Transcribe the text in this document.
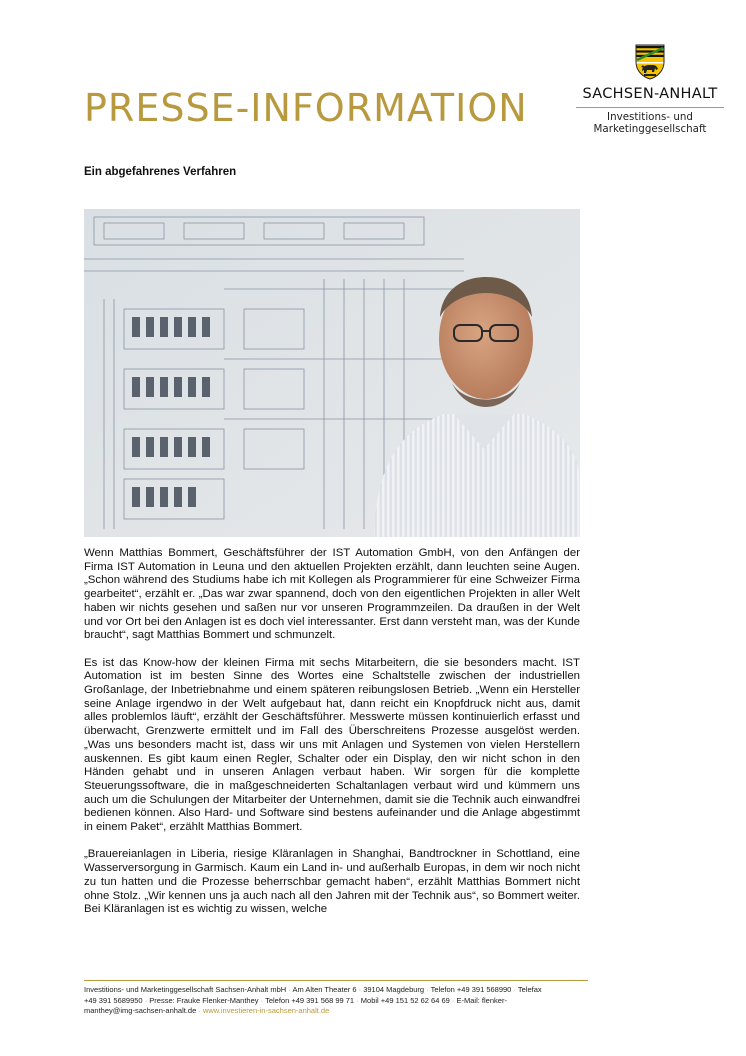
PRESSE-INFORMATION	SACHSEN-ANHALT
Investitions- und
Marketinggesellschaft
Ein abgefahrenes Verfahren

Wenn Matthias Bommert, Geschäftsführer der IST Automation GmbH, von den Anfängen der Firma IST Automation in Leuna und den aktuellen Projekten erzählt, dann leuchten seine Augen. „Schon während des Studiums habe ich mit Kollegen als Programmierer für eine Schweizer Firma gearbeitet“, erzählt er. „Das war zwar spannend, doch von den eigentlichen Projekten in aller Welt haben wir nichts gesehen und saßen nur vor unseren Programmzeilen. Da draußen in der Welt und vor Ort bei den Anlagen ist es doch viel interessanter. Erst dann versteht man, was der Kunde braucht“, sagt Matthias Bommert und schmunzelt.

Es ist das Know-how der kleinen Firma mit sechs Mitarbeitern, die sie besonders macht. IST Automation ist im besten Sinne des Wortes eine Schaltstelle zwischen der industriellen Großanlage, der Inbetriebnahme und einem späteren reibungslosen Betrieb. „Wenn ein Hersteller seine Anlage irgendwo in der Welt aufgebaut hat, dann reicht ein Knopfdruck nicht aus, damit alles problemlos läuft“, erzählt der Geschäftsführer. Messwerte müssen kontinuierlich erfasst und überwacht, Grenzwerte ermittelt und im Fall des Überschreitens Prozesse ausgelöst werden. „Was uns besonders macht ist, dass wir uns mit Anlagen und Systemen von vielen Herstellern auskennen. Es gibt kaum einen Regler, Schalter oder ein Display, den wir nicht schon in den Händen gehabt und in unseren Anlagen verbaut haben. Wir sorgen für die komplette Steuerungssoftware, die in maßgeschneiderten Schaltanlagen verbaut wird und kümmern uns auch um die Schulungen der Mitarbeiter der Unternehmen, damit sie die Technik auch einwandfrei bedienen können. Also Hard- und Software sind bestens aufeinander und die Anlage abgestimmt in einem Paket“, erzählt Matthias Bommert.

„Brauereianlagen in Liberia, riesige Kläranlagen in Shanghai, Bandtrockner in Schottland, eine Wasserversorgung in Garmisch. Kaum ein Land in- und außerhalb Europas, in dem wir noch nicht zu tun hatten und die Prozesse beherrschbar gemacht haben“, erzählt Matthias Bommert nicht ohne Stolz. „Wir kennen uns ja auch nach all den Jahren mit der Technik aus“, so Bommert weiter. Bei Kläranlagen ist es wichtig zu wissen, welche

Investitions- und Marketinggesellschaft Sachsen-Anhalt mbH · Am Alten Theater 6 · 39104 Magdeburg · Telefon +49 391 568990 · Telefax
+49 391 5689950 · Presse: Frauke Flenker-Manthey · Telefon +49 391 568 99 71 · Mobil +49 151 52 62 64 69 · E-Mail: flenker-
manthey@img-sachsen-anhalt.de · www.investieren-in-sachsen-anhalt.de
